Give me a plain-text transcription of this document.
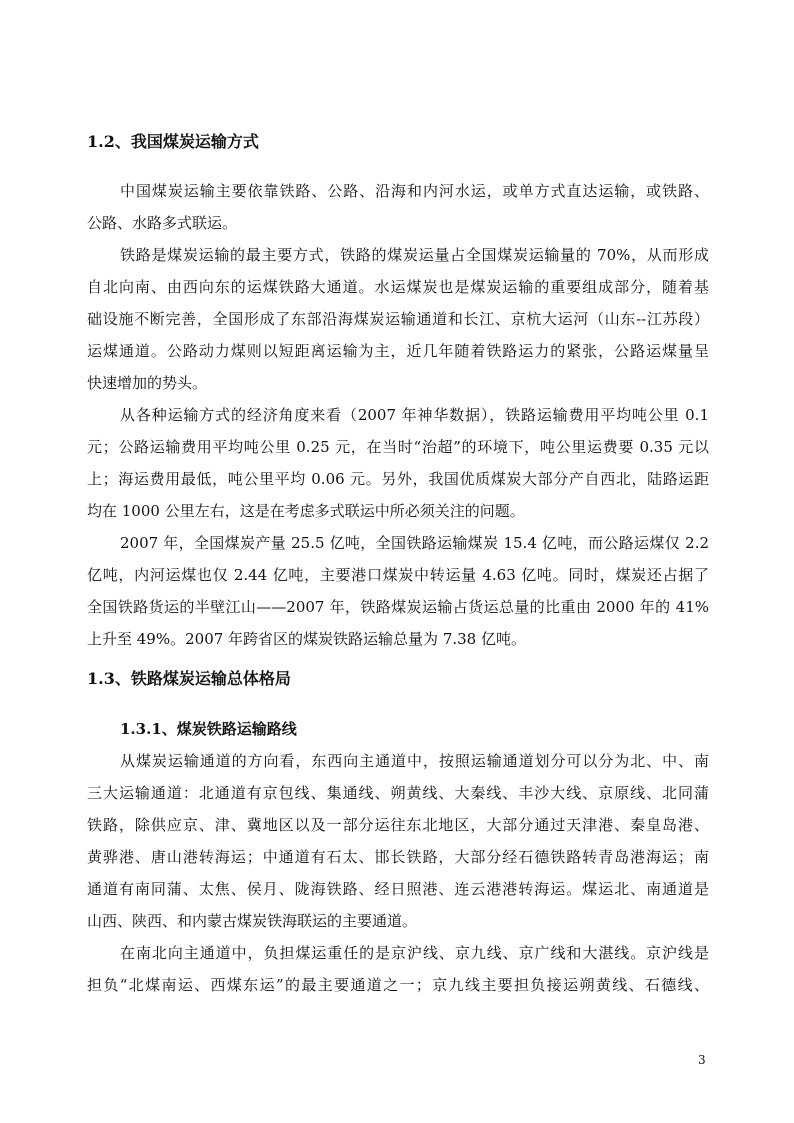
1.2、我国煤炭运输方式
中国煤炭运输主要依靠铁路、公路、沿海和内河水运，或单方式直达运输，或铁路、
公路、水路多式联运。
铁路是煤炭运输的最主要方式，铁路的煤炭运量占全国煤炭运输量的 70%，从而形成
自北向南、由西向东的运煤铁路大通道。水运煤炭也是煤炭运输的重要组成部分，随着基
础设施不断完善，全国形成了东部沿海煤炭运输通道和长江、京杭大运河（山东--江苏段）
运煤通道。公路动力煤则以短距离运输为主，近几年随着铁路运力的紧张，公路运煤量呈
快速增加的势头。
从各种运输方式的经济角度来看（2007 年神华数据），铁路运输费用平均吨公里 0.1
元；公路运输费用平均吨公里 0.25 元，在当时“治超”的环境下，吨公里运费要 0.35 元以
上；海运费用最低，吨公里平均 0.06 元。另外，我国优质煤炭大部分产自西北，陆路运距
均在 1000 公里左右，这是在考虑多式联运中所必须关注的问题。
2007 年，全国煤炭产量 25.5 亿吨，全国铁路运输煤炭 15.4 亿吨，而公路运煤仅 2.2
亿吨，内河运煤也仅 2.44 亿吨，主要港口煤炭中转运量 4.63 亿吨。同时，煤炭还占据了
全国铁路货运的半壁江山——2007 年，铁路煤炭运输占货运总量的比重由 2000 年的 41%
上升至 49%。2007 年跨省区的煤炭铁路运输总量为 7.38 亿吨。
1.3、铁路煤炭运输总体格局
1.3.1、煤炭铁路运输路线
从煤炭运输通道的方向看，东西向主通道中，按照运输通道划分可以分为北、中、南
三大运输通道：北通道有京包线、集通线、朔黄线、大秦线、丰沙大线、京原线、北同蒲
铁路，除供应京、津、冀地区以及一部分运往东北地区，大部分通过天津港、秦皇岛港、
黄骅港、唐山港转海运；中通道有石太、邯长铁路，大部分经石德铁路转青岛港海运；南
通道有南同蒲、太焦、侯月、陇海铁路、经日照港、连云港港转海运。煤运北、南通道是
山西、陕西、和内蒙古煤炭铁海联运的主要通道。
在南北向主通道中，负担煤运重任的是京沪线、京九线、京广线和大湛线。京沪线是
担负“北煤南运、西煤东运”的最主要通道之一；京九线主要担负接运朔黄线、石德线、
3
